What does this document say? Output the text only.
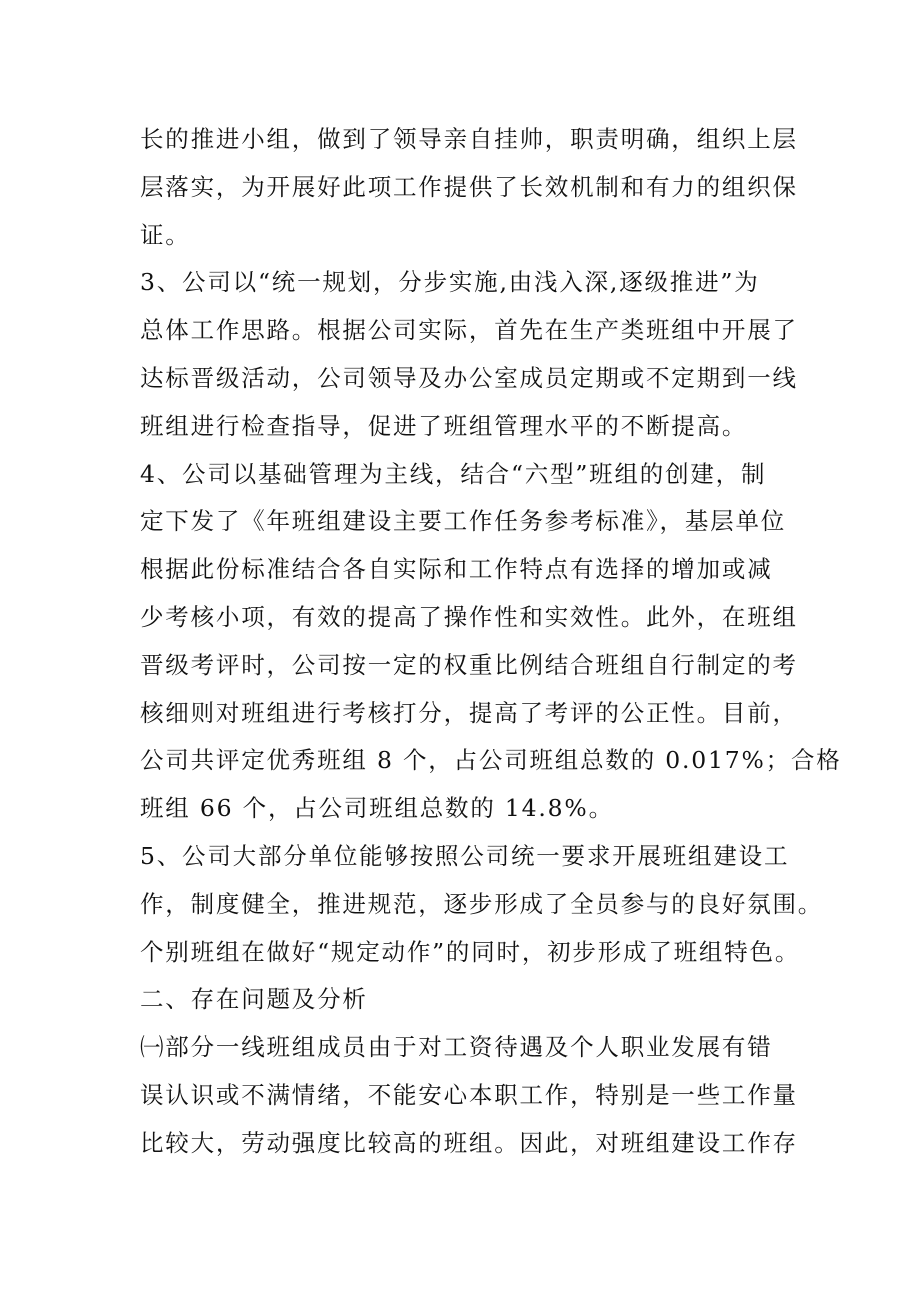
长的推进小组，做到了领导亲自挂帅，职责明确，组织上层
层落实，为开展好此项工作提供了长效机制和有力的组织保
证。
3、公司以“统一规划，分步实施,由浅入深,逐级推进”为
总体工作思路。根据公司实际，首先在生产类班组中开展了
达标晋级活动，公司领导及办公室成员定期或不定期到一线
班组进行检查指导，促进了班组管理水平的不断提高。
4、公司以基础管理为主线，结合“六型”班组的创建，制
定下发了《年班组建设主要工作任务参考标准》，基层单位
根据此份标准结合各自实际和工作特点有选择的增加或减
少考核小项，有效的提高了操作性和实效性。此外，在班组
晋级考评时，公司按一定的权重比例结合班组自行制定的考
核细则对班组进行考核打分，提高了考评的公正性。目前，
公司共评定优秀班组 8 个，占公司班组总数的 0.017%；合格
班组 66 个，占公司班组总数的 14.8%。
5、公司大部分单位能够按照公司统一要求开展班组建设工
作，制度健全，推进规范，逐步形成了全员参与的良好氛围。
个别班组在做好“规定动作”的同时，初步形成了班组特色。
二、存在问题及分析
㈠部分一线班组成员由于对工资待遇及个人职业发展有错
误认识或不满情绪，不能安心本职工作，特别是一些工作量
比较大，劳动强度比较高的班组。因此，对班组建设工作存
